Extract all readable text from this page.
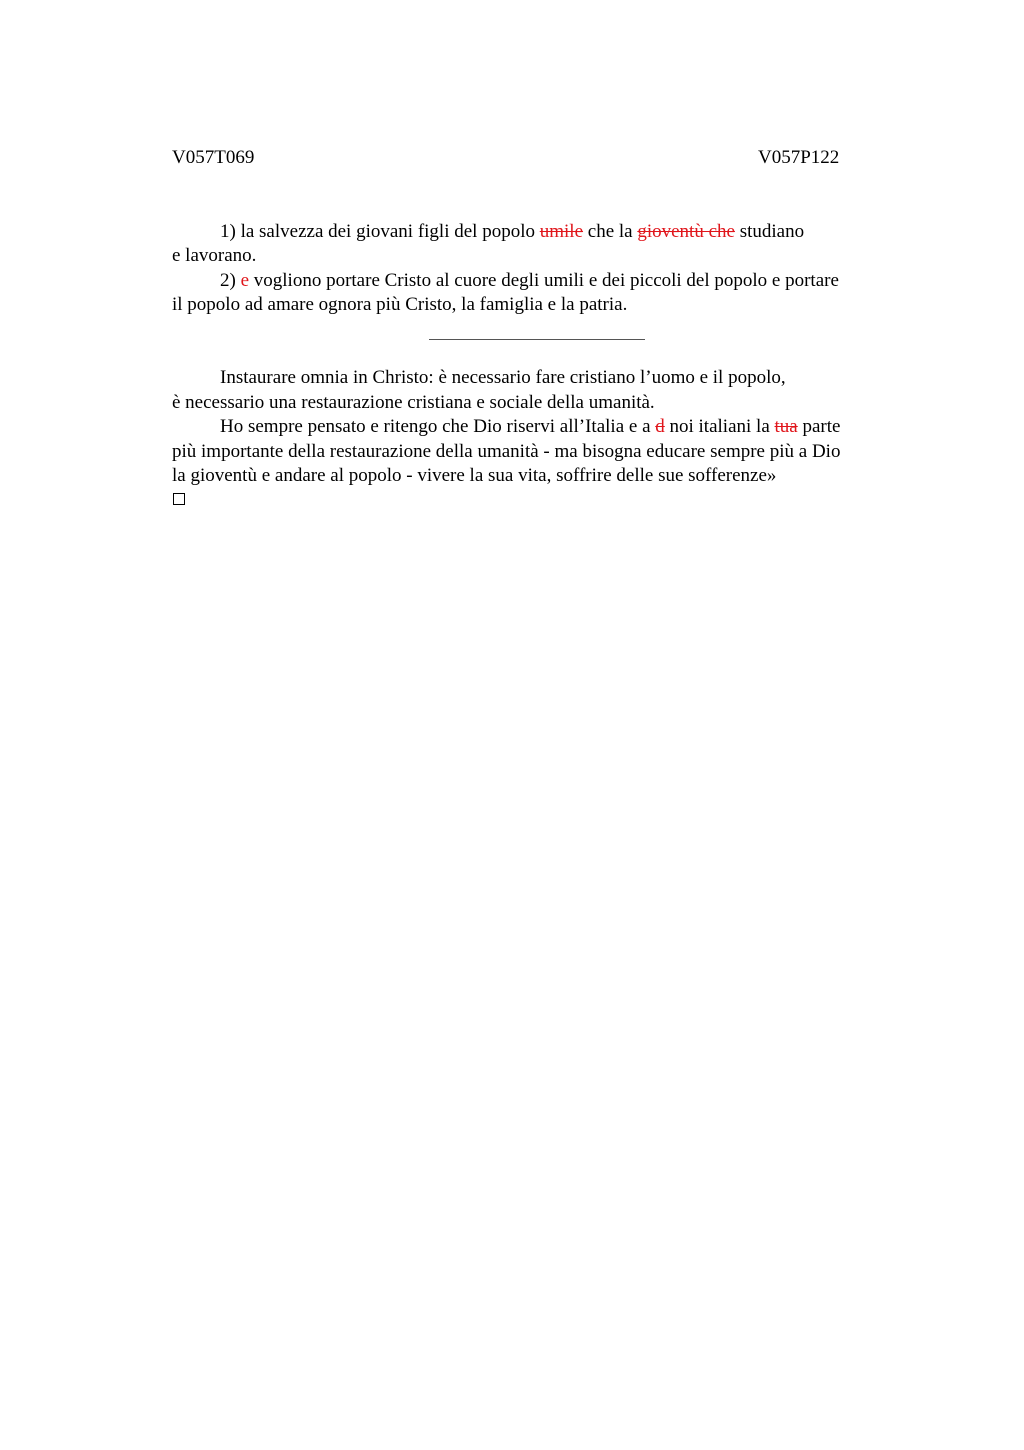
V057T069	V057P122
1) la salvezza dei giovani figli del popolo umile che la gioventù che studiano
e lavorano.
2) e vogliono portare Cristo al cuore degli umili e dei piccoli del popolo e portare
il popolo ad amare ognora più Cristo, la famiglia e la patria.
Instaurare omnia in Christo: è necessario fare cristiano l’uomo e il popolo,
è necessario una restaurazione cristiana e sociale della umanità.
Ho sempre pensato e ritengo che Dio riservi all’Italia e a d noi italiani la tua parte
più importante della restaurazione della umanità - ma bisogna educare sempre più a Dio
la gioventù e andare al popolo - vivere la sua vita, soffrire delle sue sofferenze»
